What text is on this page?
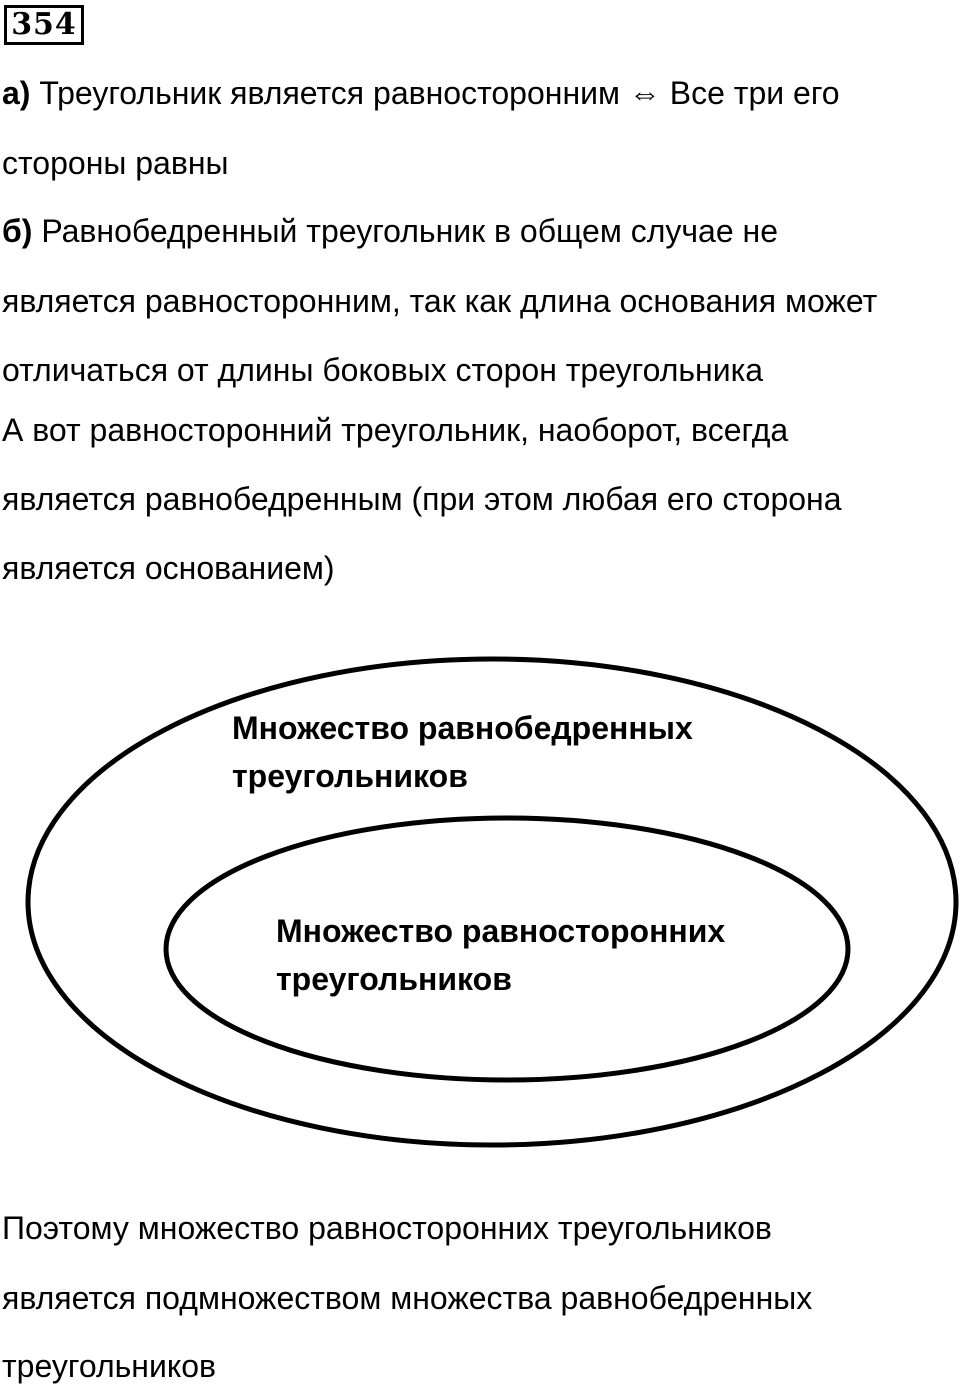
354
а) Треугольник является равносторонним ⇔ Все три его
стороны равны
б) Равнобедренный треугольник в общем случае не
является равносторонним, так как длина основания может
отличаться от длины боковых сторон треугольника
А вот равносторонний треугольник, наоборот, всегда
является равнобедренным (при этом любая его сторона
является основанием)
Множество равнобедренных
треугольников
Множество равносторонних
треугольников
Поэтому множество равносторонних треугольников
является подмножеством множества равнобедренных
треугольников
